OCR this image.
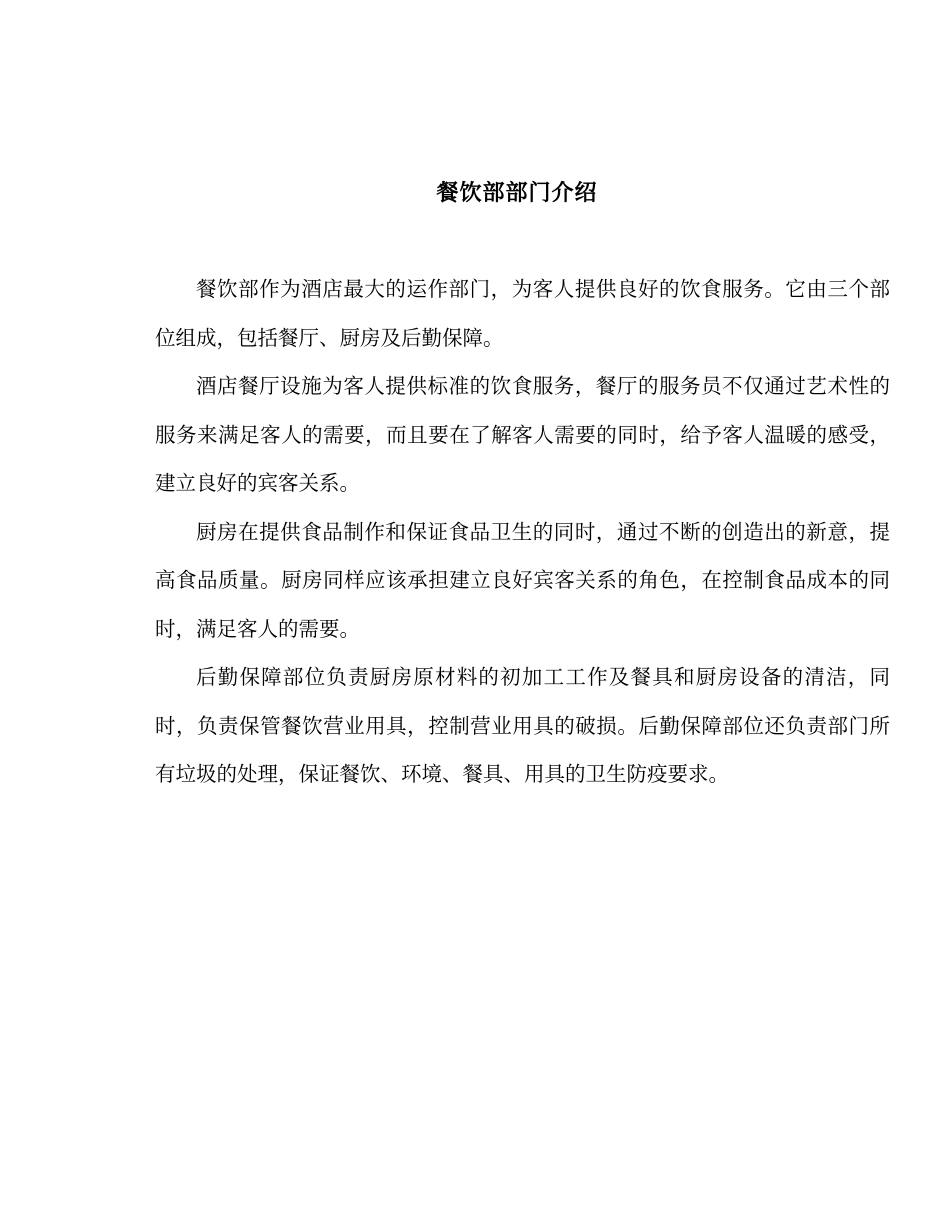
餐饮部部门介绍

餐饮部作为酒店最大的运作部门，为客人提供良好的饮食服务。它由三个部位组成，包括餐厅、厨房及后勤保障。

酒店餐厅设施为客人提供标准的饮食服务，餐厅的服务员不仅通过艺术性的服务来满足客人的需要，而且要在了解客人需要的同时，给予客人温暖的感受，建立良好的宾客关系。

厨房在提供食品制作和保证食品卫生的同时，通过不断的创造出的新意，提高食品质量。厨房同样应该承担建立良好宾客关系的角色，在控制食品成本的同时，满足客人的需要。

后勤保障部位负责厨房原材料的初加工工作及餐具和厨房设备的清洁，同时，负责保管餐饮营业用具，控制营业用具的破损。后勤保障部位还负责部门所有垃圾的处理，保证餐饮、环境、餐具、用具的卫生防疫要求。
